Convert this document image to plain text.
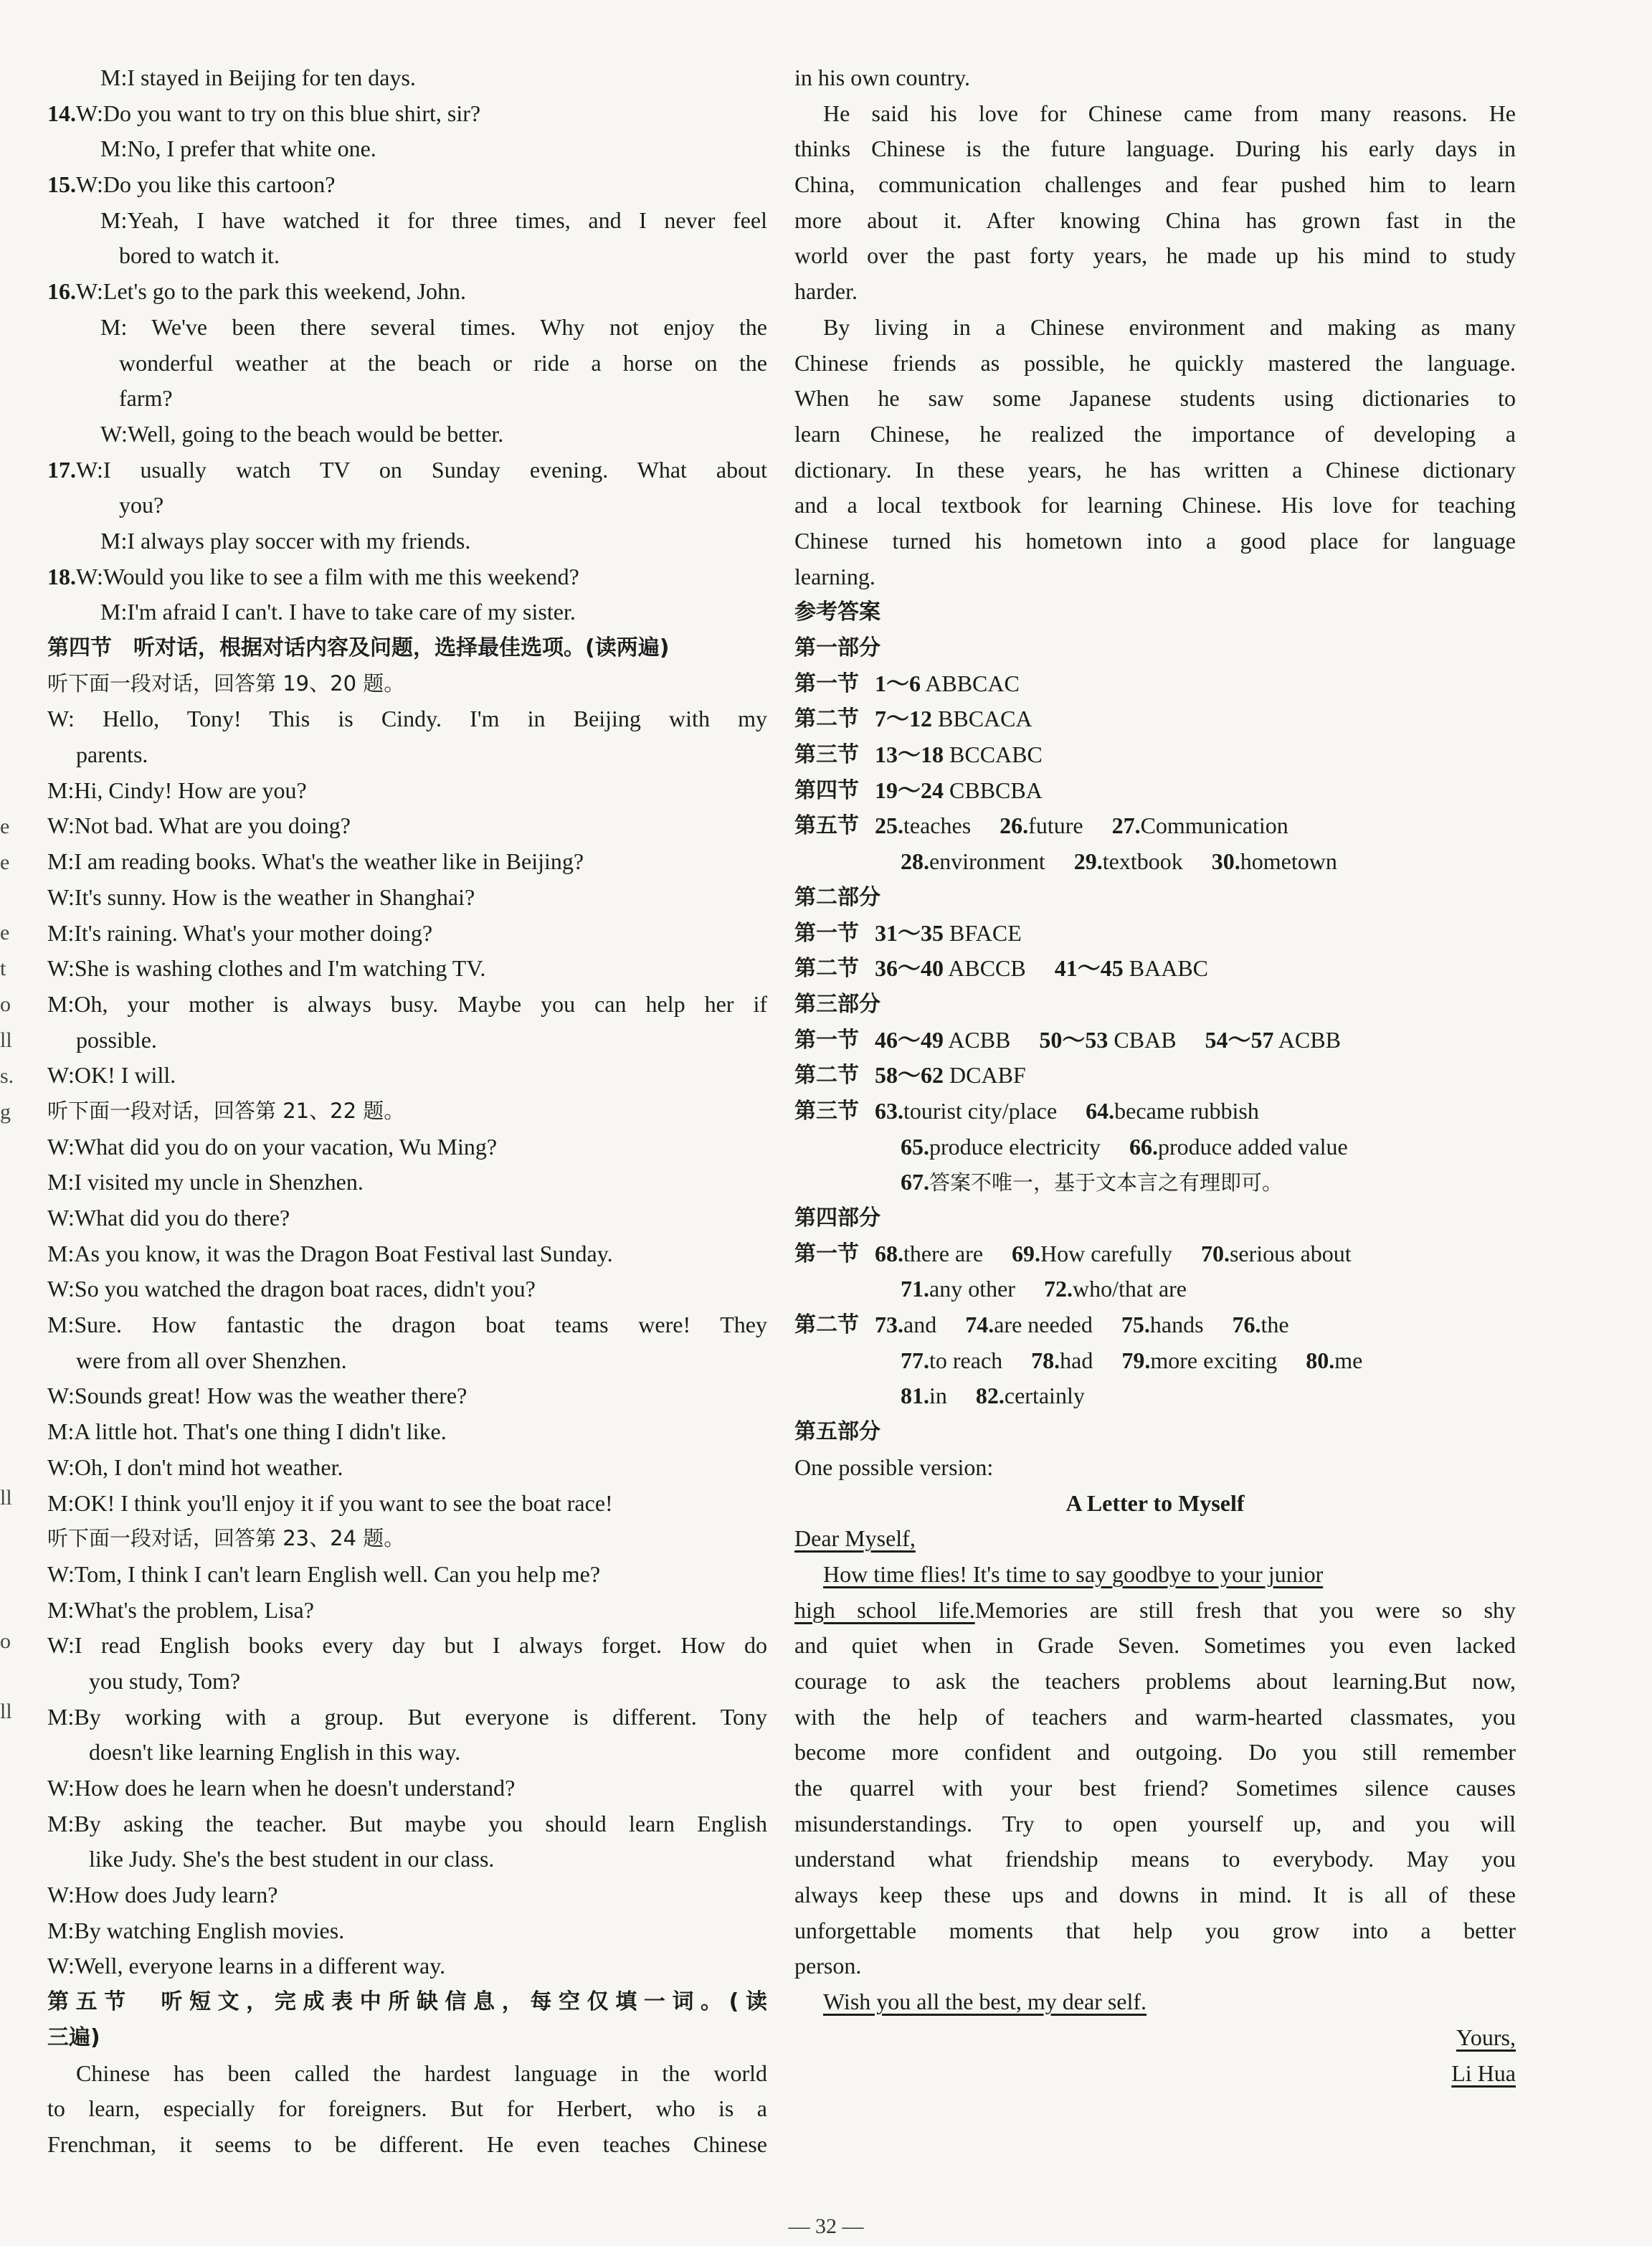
e
e
e
t
o
ll
s.
g
ll
o
ll
M:I stayed in Beijing for ten days.
14.W:Do you want to try on this blue shirt, sir?
M:No, I prefer that white one.
15.W:Do you like this cartoon?
M:Yeah, I have watched it for three times, and I never feel
bored to watch it.
16.W:Let's go to the park this weekend, John.
M: We've been there several times. Why not enjoy the
wonderful weather at the beach or ride a horse on the
farm?
W:Well, going to the beach would be better.
17.W:I usually watch TV on Sunday evening. What about
you?
M:I always play soccer with my friends.
18.W:Would you like to see a film with me this weekend?
M:I'm afraid I can't. I have to take care of my sister.
第四节　听对话，根据对话内容及问题，选择最佳选项。(读两遍)
听下面一段对话，回答第 19、20 题。
W: Hello, Tony! This is Cindy. I'm in Beijing with my
parents.
M:Hi, Cindy! How are you?
W:Not bad. What are you doing?
M:I am reading books. What's the weather like in Beijing?
W:It's sunny. How is the weather in Shanghai?
M:It's raining. What's your mother doing?
W:She is washing clothes and I'm watching TV.
M:Oh, your mother is always busy. Maybe you can help her if
possible.
W:OK! I will.
听下面一段对话，回答第 21、22 题。
W:What did you do on your vacation, Wu Ming?
M:I visited my uncle in Shenzhen.
W:What did you do there?
M:As you know, it was the Dragon Boat Festival last Sunday.
W:So you watched the dragon boat races, didn't you?
M:Sure. How fantastic the dragon boat teams were! They
were from all over Shenzhen.
W:Sounds great! How was the weather there?
M:A little hot. That's one thing I didn't like.
W:Oh, I don't mind hot weather.
M:OK! I think you'll enjoy it if you want to see the boat race!
听下面一段对话，回答第 23、24 题。
W:Tom, I think I can't learn English well. Can you help me?
M:What's the problem, Lisa?
W:I read English books every day but I always forget. How do
you study, Tom?
M:By working with a group. But everyone is different. Tony
doesn't like learning English in this way.
W:How does he learn when he doesn't understand?
M:By asking the teacher. But maybe you should learn English
like Judy. She's the best student in our class.
W:How does Judy learn?
M:By watching English movies.
W:Well, everyone learns in a different way.
第五节　听短文，完成表中所缺信息，每空仅填一词。(读
三遍)
Chinese has been called the hardest language in the world
to learn, especially for foreigners. But for Herbert, who is a
Frenchman, it seems to be different. He even teaches Chinese
in his own country.
He said his love for Chinese came from many reasons. He
thinks Chinese is the future language. During his early days in
China, communication challenges and fear pushed him to learn
more about it. After knowing China has grown fast in the
world over the past forty years, he made up his mind to study
harder.
By living in a Chinese environment and making as many
Chinese friends as possible, he quickly mastered the language.
When he saw some Japanese students using dictionaries to
learn Chinese, he realized the importance of developing a
dictionary. In these years, he has written a Chinese dictionary
and a local textbook for learning Chinese. His love for teaching
Chinese turned his hometown into a good place for language
learning.
参考答案
第一部分
第一节 1～6 ABBCAC
第二节 7～12 BBCACA
第三节 13～18 BCCABC
第四节 19～24 CBBCBA
第五节 25.teaches 26.future 27.Communication
28.environment 29.textbook 30.hometown
第二部分
第一节 31～35 BFACE
第二节 36～40 ABCCB 41～45 BAABC
第三部分
第一节 46～49 ACBB 50～53 CBAB 54～57 ACBB
第二节 58～62 DCABF
第三节 63.tourist city/place 64.became rubbish
65.produce electricity 66.produce added value
67.答案不唯一，基于文本言之有理即可。
第四部分
第一节 68.there are 69.How carefully 70.serious about
71.any other 72.who/that are
第二节 73.and 74.are needed 75.hands 76.the
77.to reach 78.had 79.more exciting 80.me
81.in 82.certainly
第五部分
One possible version:
A Letter to Myself
Dear Myself,
How time flies! It's time to say goodbye to your junior
high school life.Memories are still fresh that you were so shy
and quiet when in Grade Seven. Sometimes you even lacked
courage to ask the teachers problems about learning.But now,
with the help of teachers and warm-hearted classmates, you
become more confident and outgoing. Do you still remember
the quarrel with your best friend? Sometimes silence causes
misunderstandings. Try to open yourself up, and you will
understand what friendship means to everybody. May you
always keep these ups and downs in mind. It is all of these
unforgettable moments that help you grow into a better
person.
Wish you all the best, my dear self.
Yours,
Li Hua
— 32 —
